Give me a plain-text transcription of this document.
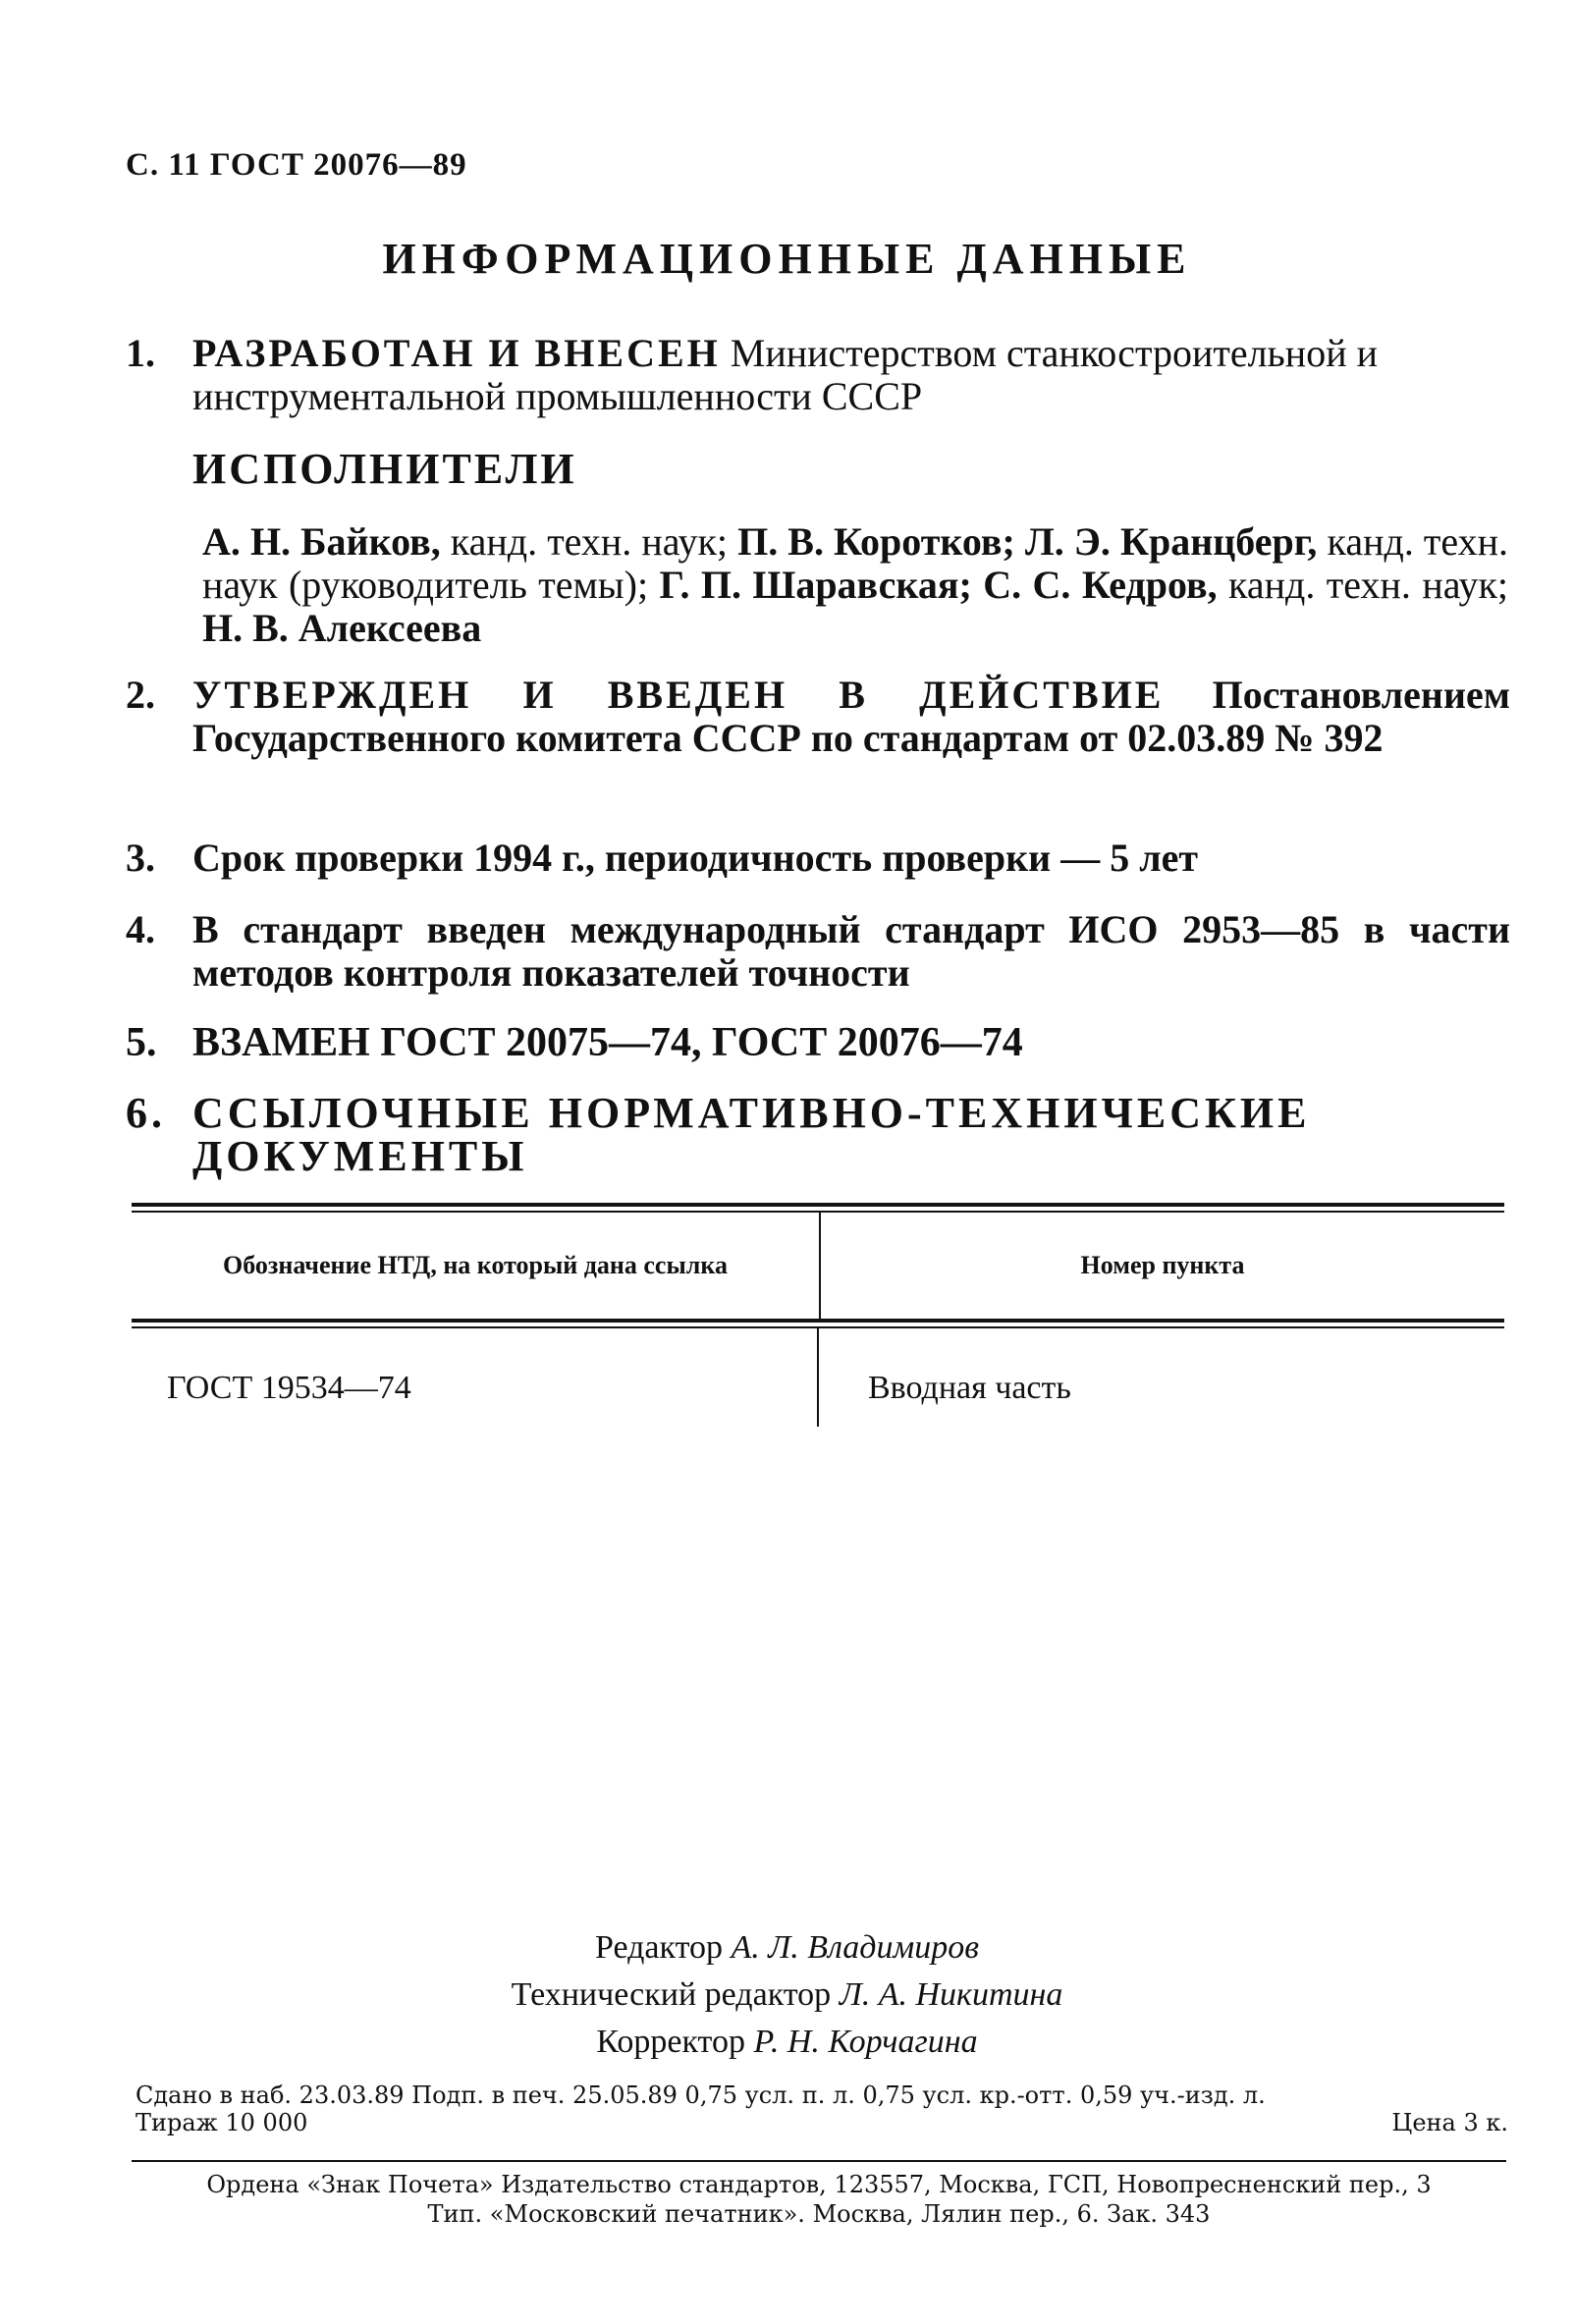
С. 11 ГОСТ 20076—89
ИНФОРМАЦИОННЫЕ ДАННЫЕ
1. РАЗРАБОТАН И ВНЕСЕН Министерством станкостроительной и инструментальной промышленности СССР
ИСПОЛНИТЕЛИ
А. Н. Байков, канд. техн. наук; П. В. Коротков; Л. Э. Кранцберг, канд. техн. наук (руководитель темы); Г. П. Шаравская; С. С. Кедров, канд. техн. наук; Н. В. Алексеева
2. УТВЕРЖДЕН И ВВЕДЕН В ДЕЙСТВИЕ Постановлением Государственного комитета СССР по стандартам от 02.03.89 № 392
3. Срок проверки 1994 г., периодичность проверки — 5 лет
4. В стандарт введен международный стандарт ИСО 2953—85 в части методов контроля показателей точности
5. ВЗАМЕН ГОСТ 20075—74, ГОСТ 20076—74
6. ССЫЛОЧНЫЕ НОРМАТИВНО-ТЕХНИЧЕСКИЕ ДОКУМЕНТЫ
Обозначение НТД, на который дана ссылка	Номер пункта
ГОСТ 19534—74	Вводная часть
Редактор А. Л. Владимиров
Технический редактор Л. А. Никитина
Корректор Р. Н. Корчагина
Сдано в наб. 23.03.89 Подп. в печ. 25.05.89 0,75 усл. п. л. 0,75 усл. кр.-отт. 0,59 уч.-изд. л.
Тираж 10 000	Цена 3 к.
Ордена «Знак Почета» Издательство стандартов, 123557, Москва, ГСП, Новопресненский пер., 3
Тип. «Московский печатник». Москва, Лялин пер., 6. Зак. 343
